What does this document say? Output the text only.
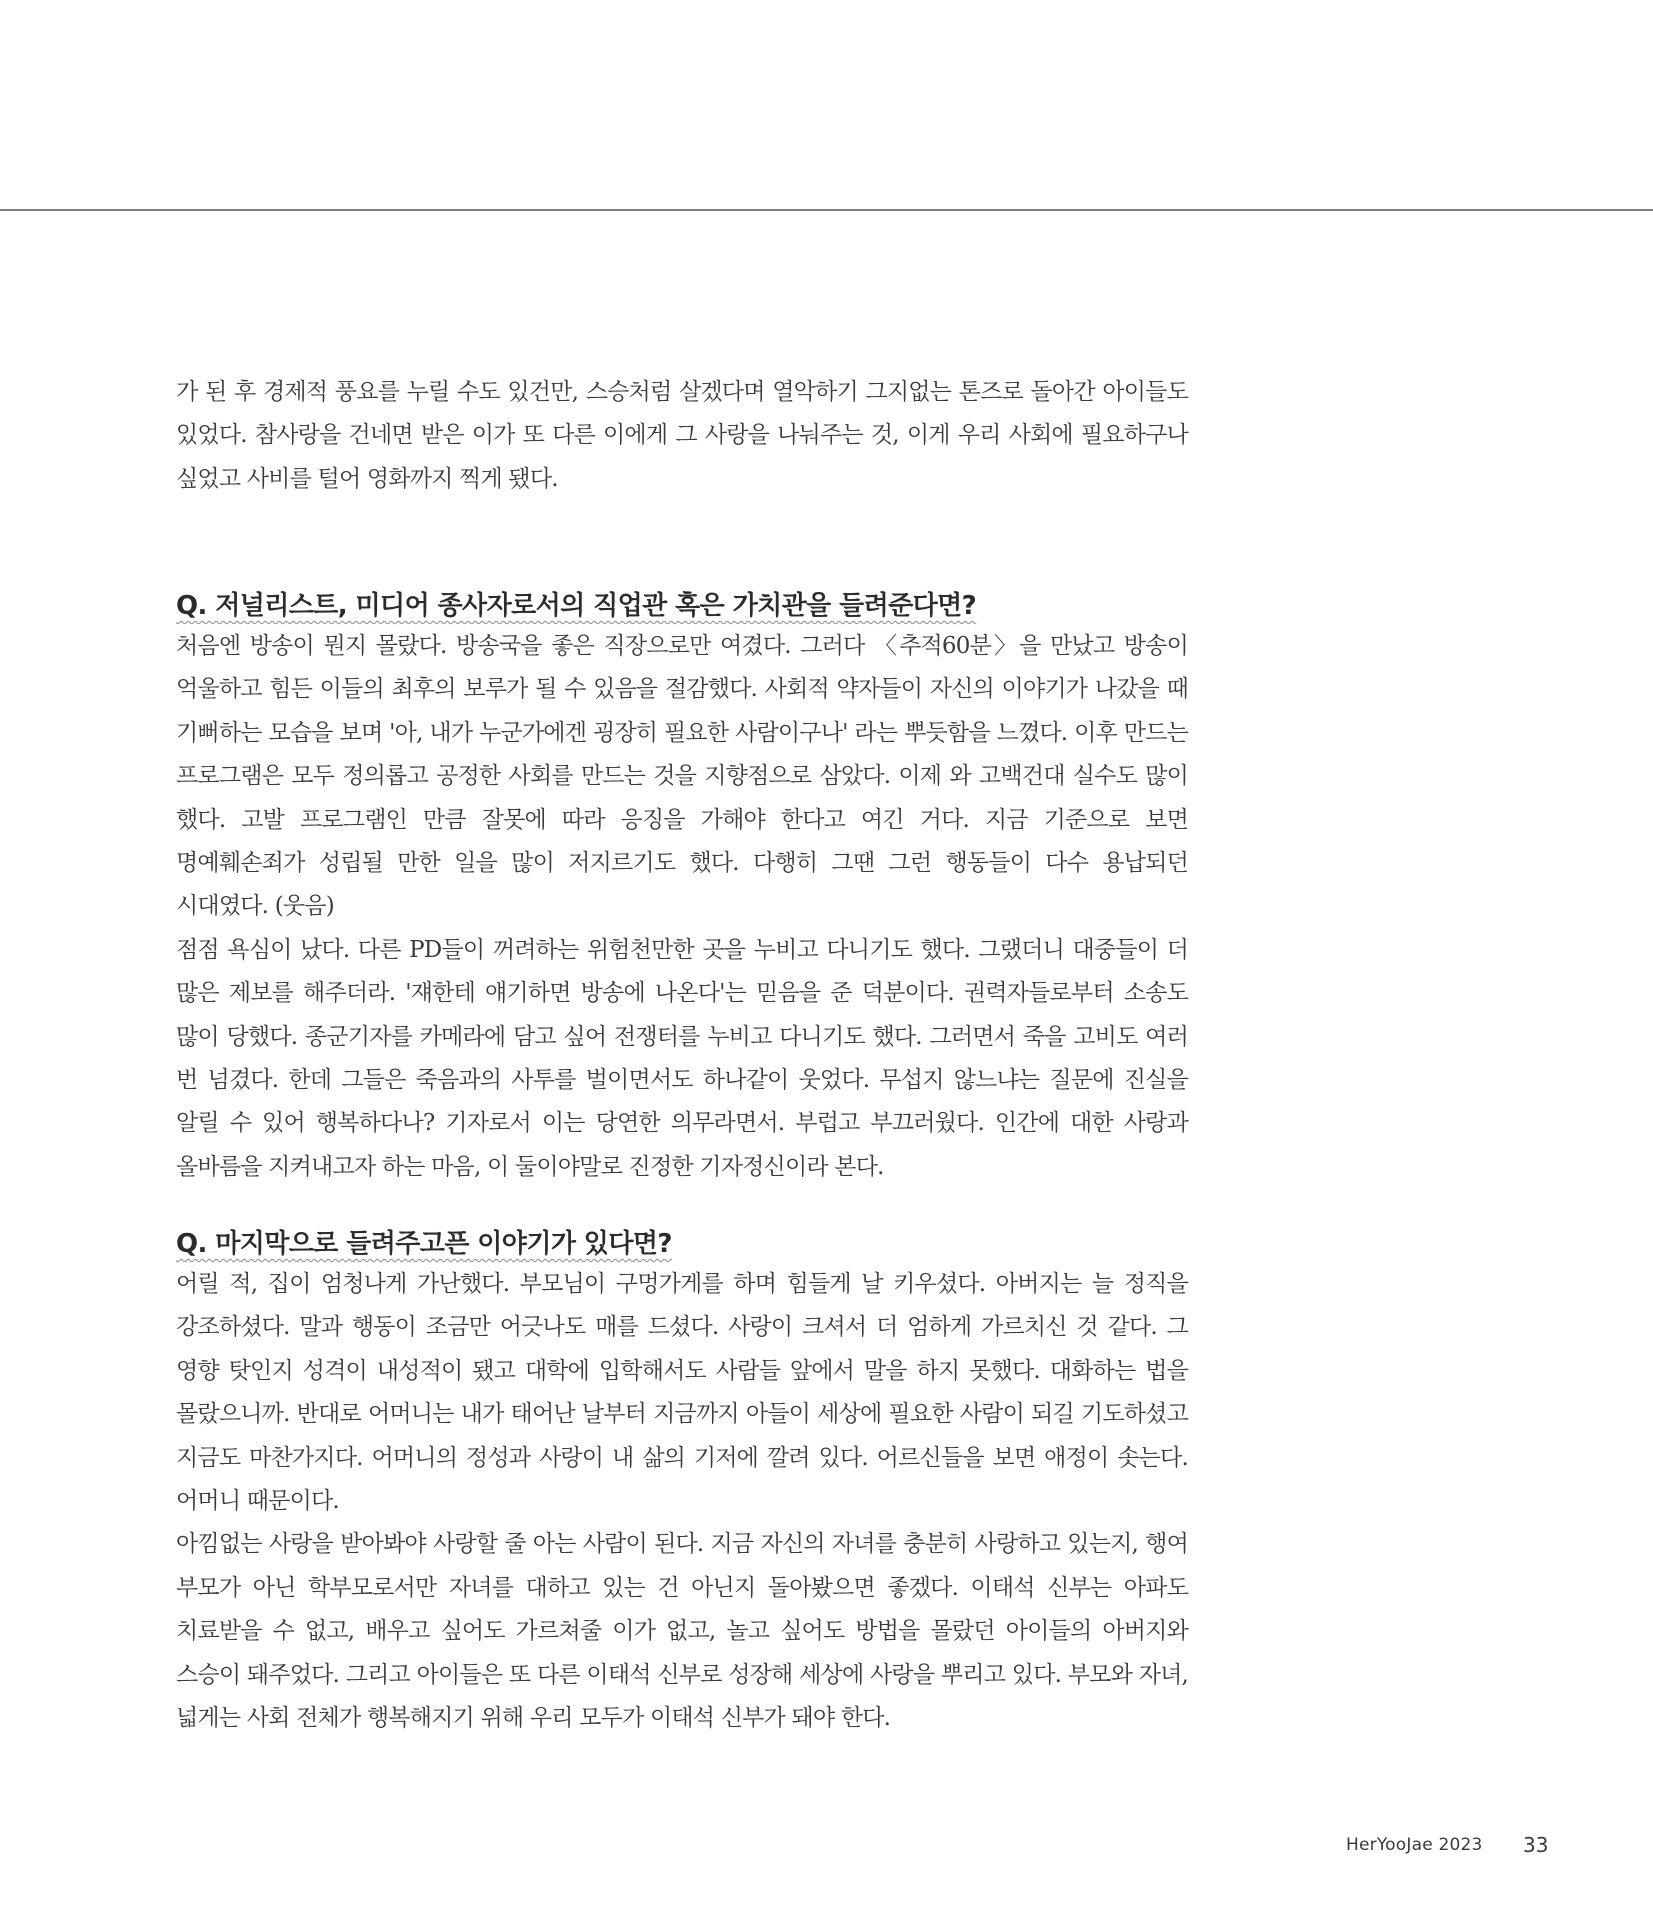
가 된 후 경제적 풍요를 누릴 수도 있건만, 스승처럼 살겠다며 열악하기 그지없는 톤즈로 돌아간 아이들도 있었다. 참사랑을 건네면 받은 이가 또 다른 이에게 그 사랑을 나눠주는 것, 이게 우리 사회에 필요하구나 싶었고 사비를 털어 영화까지 찍게 됐다.

Q. 저널리스트, 미디어 종사자로서의 직업관 혹은 가치관을 들려준다면?

처음엔 방송이 뭔지 몰랐다. 방송국을 좋은 직장으로만 여겼다. 그러다 〈추적60분〉을 만났고 방송이 억울하고 힘든 이들의 최후의 보루가 될 수 있음을 절감했다. 사회적 약자들이 자신의 이야기가 나갔을 때 기뻐하는 모습을 보며 '아, 내가 누군가에겐 굉장히 필요한 사람이구나' 라는 뿌듯함을 느꼈다. 이후 만드는 프로그램은 모두 정의롭고 공정한 사회를 만드는 것을 지향점으로 삼았다. 이제 와 고백건대 실수도 많이 했다. 고발 프로그램인 만큼 잘못에 따라 응징을 가해야 한다고 여긴 거다. 지금 기준으로 보면 명예훼손죄가 성립될 만한 일을 많이 저지르기도 했다. 다행히 그땐 그런 행동들이 다수 용납되던 시대였다. (웃음)

점점 욕심이 났다. 다른 PD들이 꺼려하는 위험천만한 곳을 누비고 다니기도 했다. 그랬더니 대중들이 더 많은 제보를 해주더라. '쟤한테 얘기하면 방송에 나온다'는 믿음을 준 덕분이다. 권력자들로부터 소송도 많이 당했다. 종군기자를 카메라에 담고 싶어 전쟁터를 누비고 다니기도 했다. 그러면서 죽을 고비도 여러 번 넘겼다. 한데 그들은 죽음과의 사투를 벌이면서도 하나같이 웃었다. 무섭지 않느냐는 질문에 진실을 알릴 수 있어 행복하다나? 기자로서 이는 당연한 의무라면서. 부럽고 부끄러웠다. 인간에 대한 사랑과 올바름을 지켜내고자 하는 마음, 이 둘이야말로 진정한 기자정신이라 본다.

Q. 마지막으로 들려주고픈 이야기가 있다면?

어릴 적, 집이 엄청나게 가난했다. 부모님이 구멍가게를 하며 힘들게 날 키우셨다. 아버지는 늘 정직을 강조하셨다. 말과 행동이 조금만 어긋나도 매를 드셨다. 사랑이 크셔서 더 엄하게 가르치신 것 같다. 그 영향 탓인지 성격이 내성적이 됐고 대학에 입학해서도 사람들 앞에서 말을 하지 못했다. 대화하는 법을 몰랐으니까. 반대로 어머니는 내가 태어난 날부터 지금까지 아들이 세상에 필요한 사람이 되길 기도하셨고 지금도 마찬가지다. 어머니의 정성과 사랑이 내 삶의 기저에 깔려 있다. 어르신들을 보면 애정이 솟는다. 어머니 때문이다.

아낌없는 사랑을 받아봐야 사랑할 줄 아는 사람이 된다. 지금 자신의 자녀를 충분히 사랑하고 있는지, 행여 부모가 아닌 학부모로서만 자녀를 대하고 있는 건 아닌지 돌아봤으면 좋겠다. 이태석 신부는 아파도 치료받을 수 없고, 배우고 싶어도 가르쳐줄 이가 없고, 놀고 싶어도 방법을 몰랐던 아이들의 아버지와 스승이 돼주었다. 그리고 아이들은 또 다른 이태석 신부로 성장해 세상에 사랑을 뿌리고 있다. 부모와 자녀, 넓게는 사회 전체가 행복해지기 위해 우리 모두가 이태석 신부가 돼야 한다.

HerYooJae 2023 33
